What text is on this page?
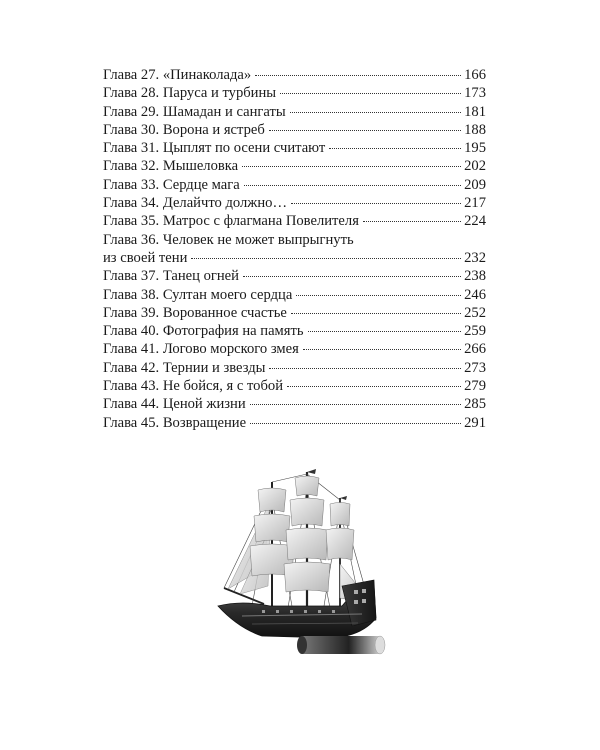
Глава 27. «Пинаколада»	166
Глава 28. Паруса и турбины	173
Глава 29. Шамадан и сангаты	181
Глава 30. Ворона и ястреб	188
Глава 31. Цыплят по осени считают	195
Глава 32. Мышеловка	202
Глава 33. Сердце мага	209
Глава 34. Делайчто должно…	217
Глава 35. Матрос с флагмана Повелителя	224
Глава 36. Человек не может выпрыгнуть
из своей тени	232
Глава 37. Танец огней	238
Глава 38. Султан моего сердца	246
Глава 39. Ворованное счастье	252
Глава 40. Фотография на память	259
Глава 41. Логово морского змея	266
Глава 42. Тернии и звезды	273
Глава 43. Не бойся, я с тобой	279
Глава 44. Ценой жизни	285
Глава 45. Возвращение	291
